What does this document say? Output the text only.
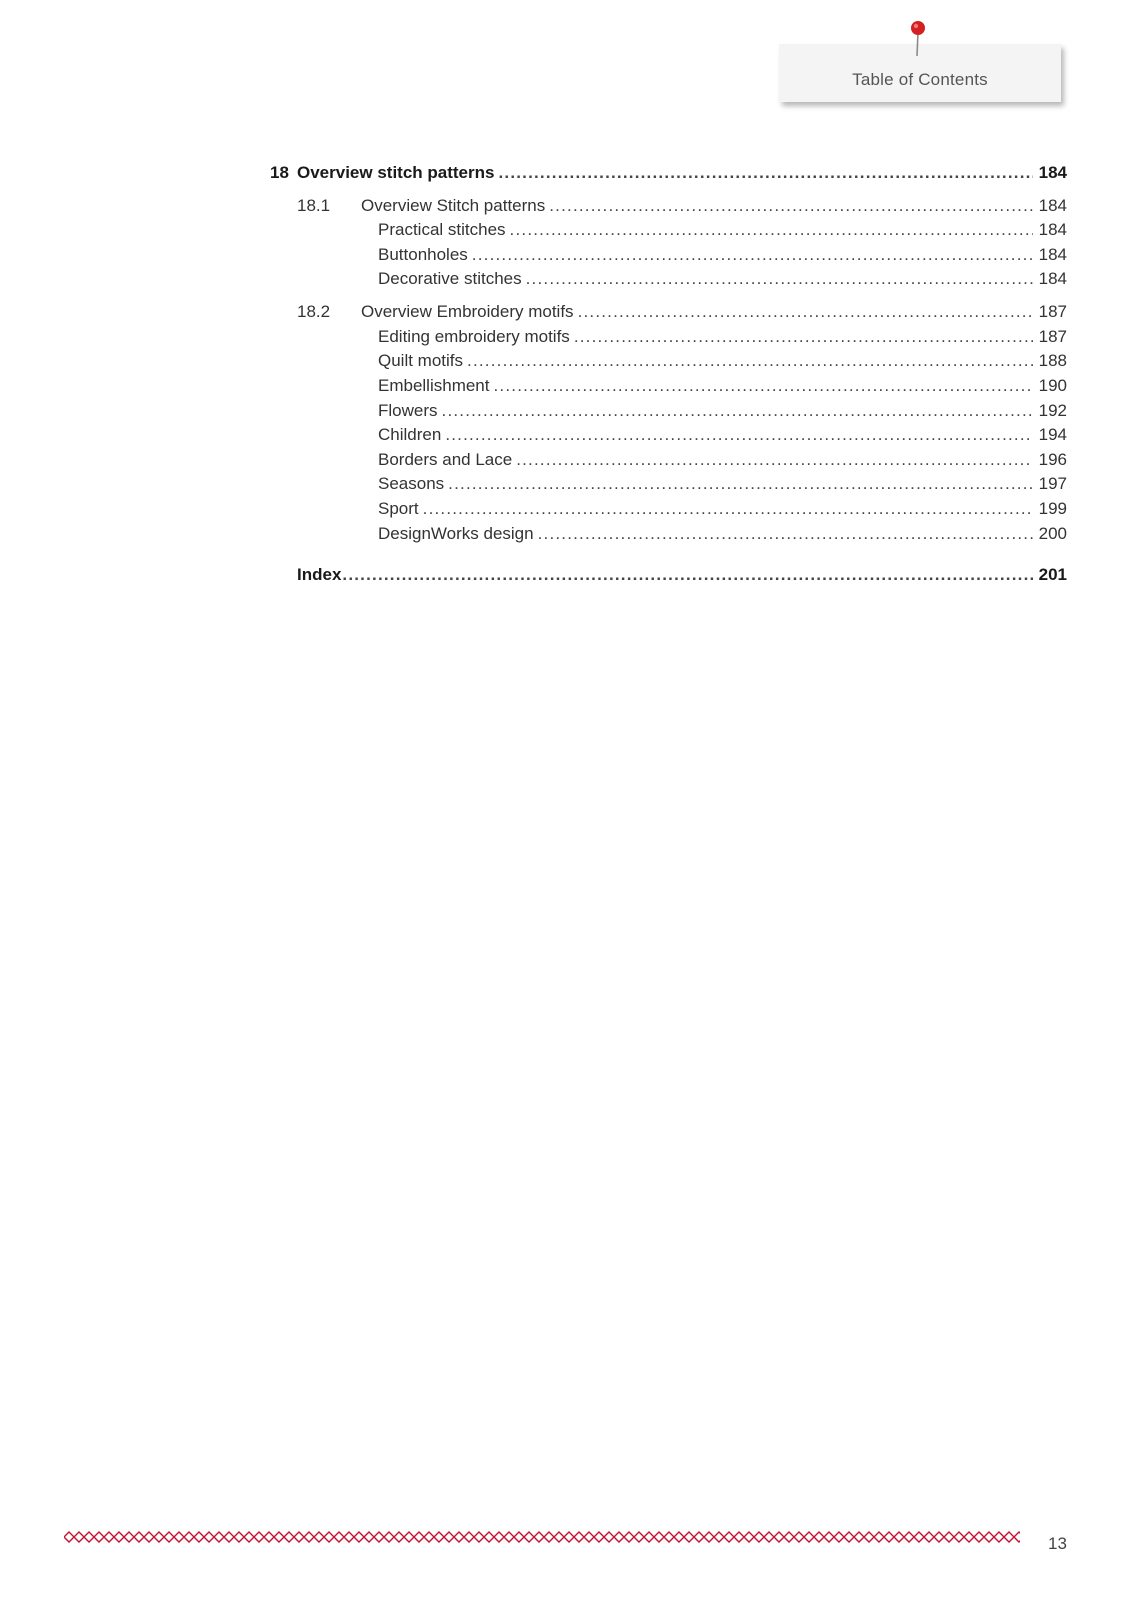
Table of Contents
18 Overview stitch patterns .....	184
18.1 Overview Stitch patterns .....	184
Practical stitches .....	184
Buttonholes .....	184
Decorative stitches .....	184
18.2 Overview Embroidery motifs .....	187
Editing embroidery motifs .....	187
Quilt motifs .....	188
Embellishment .....	190
Flowers .....	192
Children .....	194
Borders and Lace .....	196
Seasons .....	197
Sport .....	199
DesignWorks design .....	200
Index .....	201
13
